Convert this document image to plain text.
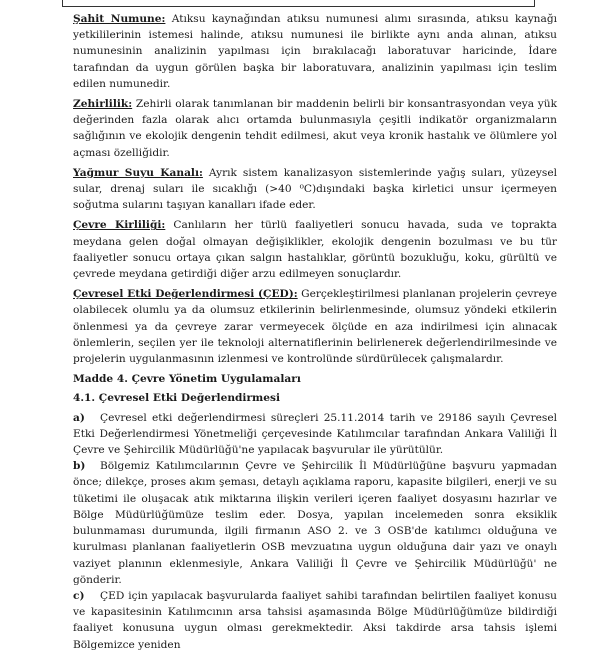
Şahit Numune: Atıksu kaynağından atıksu numunesi alımı sırasında, atıksu kaynağı yetkililerinin istemesi halinde, atıksu numunesi ile birlikte aynı anda alınan, atıksu numunesinin analizinin yapılması için bırakılacağı laboratuvar haricinde, İdare tarafından da uygun görülen başka bir laboratuvara, analizinin yapılması için teslim edilen numunedir.

Zehirlilik: Zehirli olarak tanımlanan bir maddenin belirli bir konsantrasyondan veya yük değerinden fazla olarak alıcı ortamda bulunmasıyla çeşitli indikatör organizmaların sağlığının ve ekolojik dengenin tehdit edilmesi, akut veya kronik hastalık ve ölümlere yol açması özelliğidir.

Yağmur Suyu Kanalı: Ayrık sistem kanalizasyon sistemlerinde yağış suları, yüzeysel sular, drenaj suları ile sıcaklığı (>40 ⁰C)dışındaki başka kirletici unsur içermeyen soğutma sularını taşıyan kanalları ifade eder.

Çevre Kirliliği: Canlıların her türlü faaliyetleri sonucu havada, suda ve toprakta meydana gelen doğal olmayan değişiklikler, ekolojik dengenin bozulması ve bu tür faaliyetler sonucu ortaya çıkan salgın hastalıklar, görüntü bozukluğu, koku, gürültü ve çevrede meydana getirdiği diğer arzu edilmeyen sonuçlardır.

Çevresel Etki Değerlendirmesi (ÇED): Gerçekleştirilmesi planlanan projelerin çevreye olabilecek olumlu ya da olumsuz etkilerinin belirlenmesinde, olumsuz yöndeki etkilerin önlenmesi ya da çevreye zarar vermeyecek ölçüde en aza indirilmesi için alınacak önlemlerin, seçilen yer ile teknoloji alternatiflerinin belirlenerek değerlendirilmesinde ve projelerin uygulanmasının izlenmesi ve kontrolünde sürdürülecek çalışmalardır.

Madde 4. Çevre Yönetim Uygulamaları
4.1. Çevresel Etki Değerlendirmesi
a) Çevresel etki değerlendirmesi süreçleri 25.11.2014 tarih ve 29186 sayılı Çevresel Etki Değerlendirmesi Yönetmeliği çerçevesinde Katılımcılar tarafından Ankara Valiliği İl Çevre ve Şehircilik Müdürlüğü'ne yapılacak başvurular ile yürütülür.
b) Bölgemiz Katılımcılarının Çevre ve Şehircilik İl Müdürlüğüne başvuru yapmadan önce; dilekçe, proses akım şeması, detaylı açıklama raporu, kapasite bilgileri, enerji ve su tüketimi ile oluşacak atık miktarına ilişkin verileri içeren faaliyet dosyasını hazırlar ve Bölge Müdürlüğümüze teslim eder. Dosya, yapılan incelemeden sonra eksiklik bulunmaması durumunda, ilgili firmanın ASO 2. ve 3 OSB'de katılımcı olduğuna ve kurulması planlanan faaliyetlerin OSB mevzuatına uygun olduğuna dair yazı ve onaylı vaziyet planının eklenmesiyle, Ankara Valiliği İl Çevre ve Şehircilik Müdürlüğü' ne gönderir.
c) ÇED için yapılacak başvurularda faaliyet sahibi tarafından belirtilen faaliyet konusu ve kapasitesinin Katılımcının arsa tahsisi aşamasında Bölge Müdürlüğümüze bildirdiği faaliyet konusuna uygun olması gerekmektedir. Aksi takdirde arsa tahsis işlemi Bölgemizce yeniden
